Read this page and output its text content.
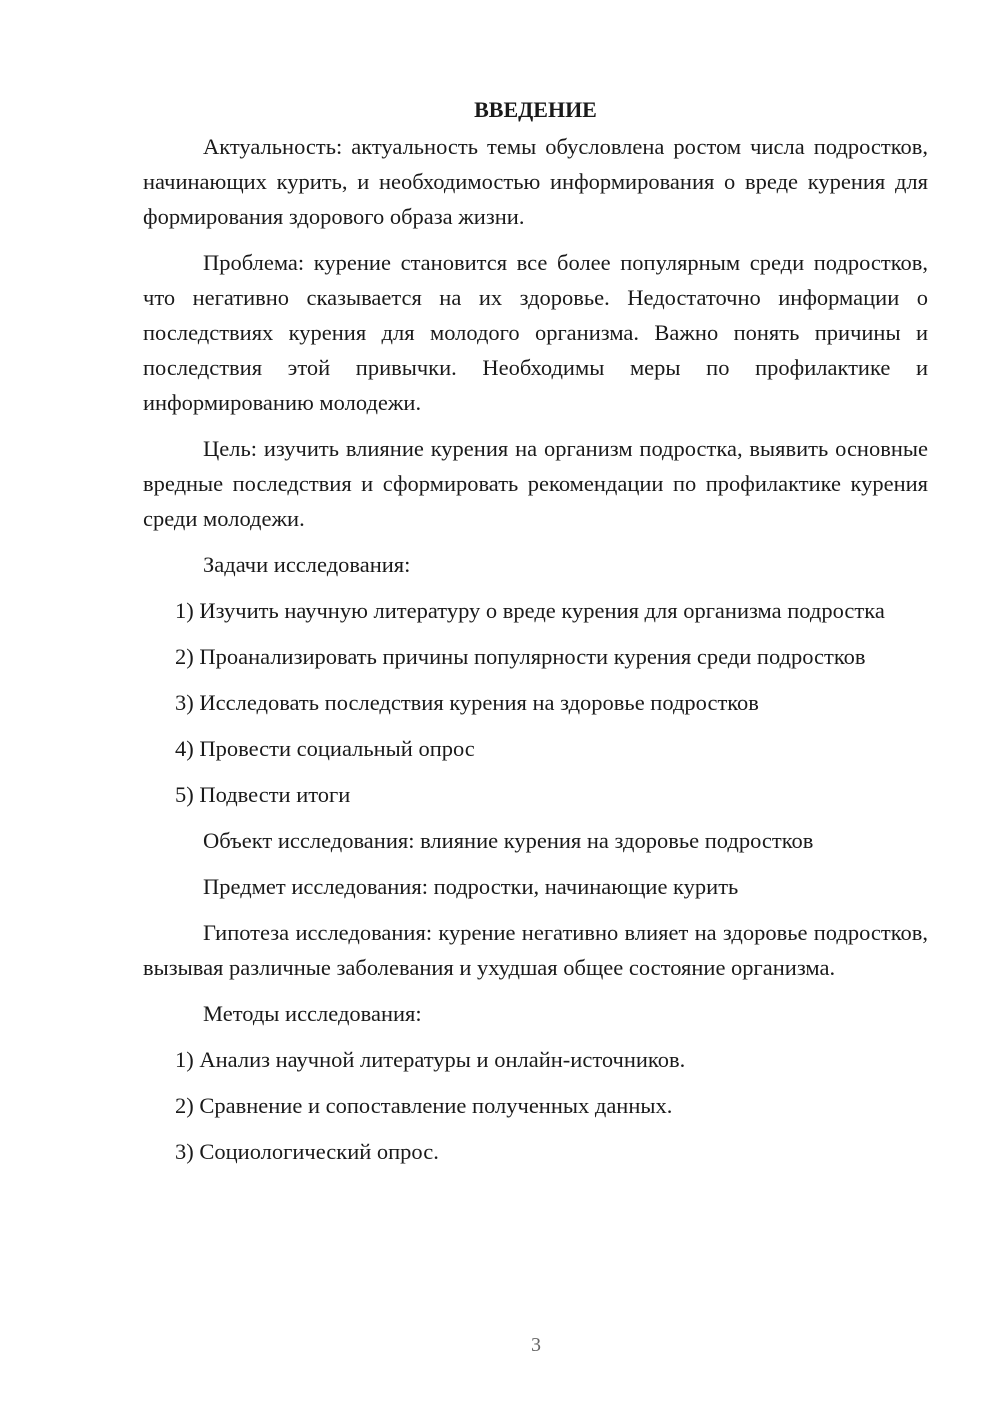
ВВЕДЕНИЕ

Актуальность: актуальность темы обусловлена ростом числа подростков, начинающих курить, и необходимостью информирования о вреде курения для формирования здорового образа жизни.

Проблема: курение становится все более популярным среди подростков, что негативно сказывается на их здоровье. Недостаточно информации о последствиях курения для молодого организма. Важно понять причины и последствия этой привычки. Необходимы меры по профилактике и информированию молодежи.

Цель: изучить влияние курения на организм подростка, выявить основные вредные последствия и сформировать рекомендации по профилактике курения среди молодежи.

Задачи исследования:

1) Изучить научную литературу о вреде курения для организма подростка

2) Проанализировать причины популярности курения среди подростков

3) Исследовать последствия курения на здоровье подростков

4) Провести социальный опрос

5) Подвести итоги

Объект исследования: влияние курения на здоровье подростков

Предмет исследования: подростки, начинающие курить

Гипотеза исследования: курение негативно влияет на здоровье подростков, вызывая различные заболевания и ухудшая общее состояние организма.

Методы исследования:

1) Анализ научной литературы и онлайн-источников.

2) Сравнение и сопоставление полученных данных.

3) Социологический опрос.

3
